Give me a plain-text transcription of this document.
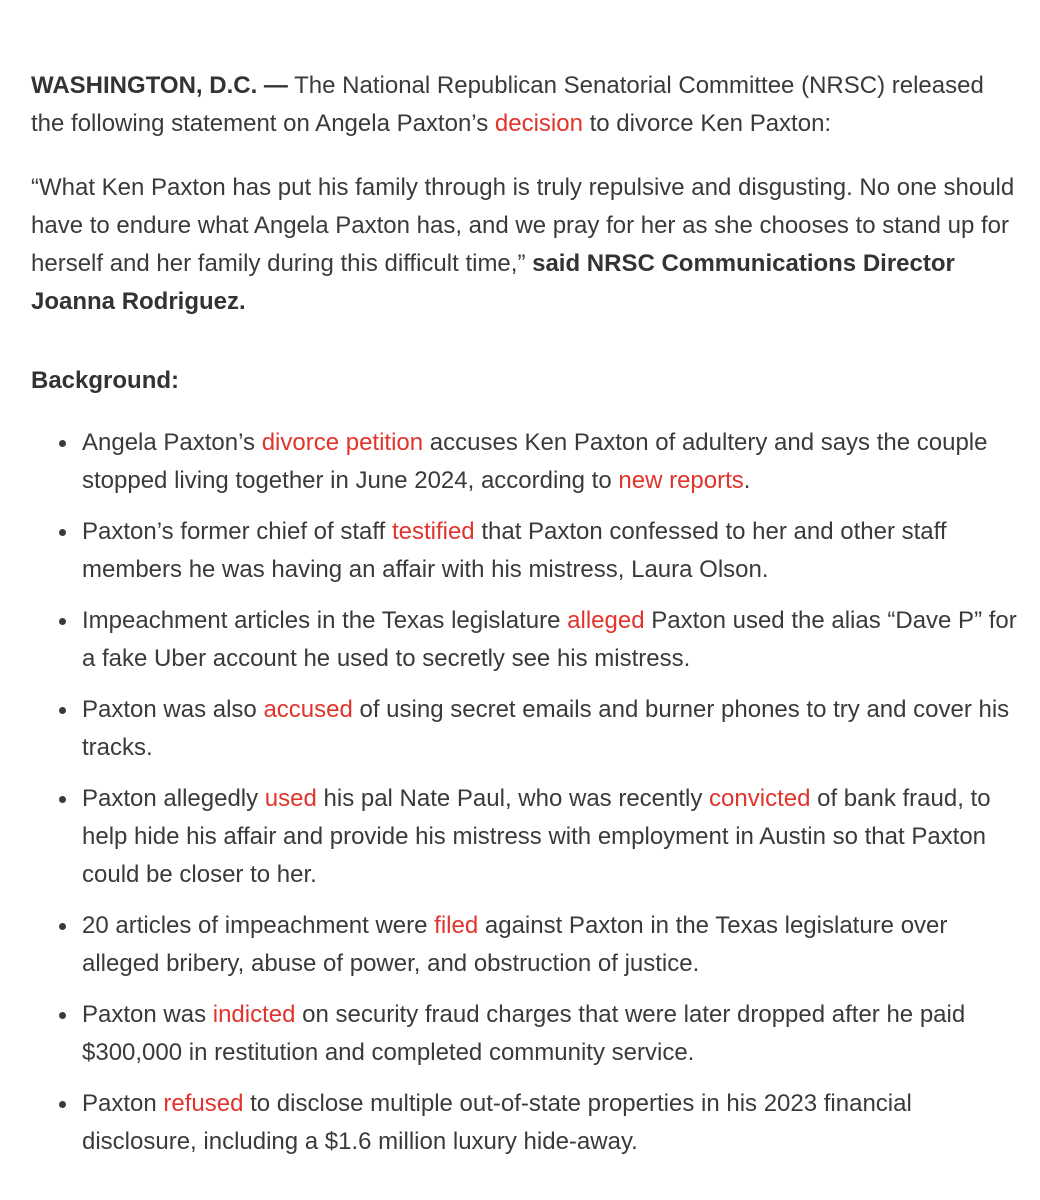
WASHINGTON, D.C. — The National Republican Senatorial Committee (NRSC) released the following statement on Angela Paxton’s decision to divorce Ken Paxton:

“What Ken Paxton has put his family through is truly repulsive and disgusting. No one should have to endure what Angela Paxton has, and we pray for her as she chooses to stand up for herself and her family during this difficult time,” said NRSC Communications Director Joanna Rodriguez.

Background:

Angela Paxton’s divorce petition accuses Ken Paxton of adultery and says the couple stopped living together in June 2024, according to new reports.
Paxton’s former chief of staff testified that Paxton confessed to her and other staff members he was having an affair with his mistress, Laura Olson.
Impeachment articles in the Texas legislature alleged Paxton used the alias “Dave P” for a fake Uber account he used to secretly see his mistress.
Paxton was also accused of using secret emails and burner phones to try and cover his tracks.
Paxton allegedly used his pal Nate Paul, who was recently convicted of bank fraud, to help hide his affair and provide his mistress with employment in Austin so that Paxton could be closer to her.
20 articles of impeachment were filed against Paxton in the Texas legislature over alleged bribery, abuse of power, and obstruction of justice.
Paxton was indicted on security fraud charges that were later dropped after he paid $300,000 in restitution and completed community service.
Paxton refused to disclose multiple out-of-state properties in his 2023 financial disclosure, including a $1.6 million luxury hide-away.
